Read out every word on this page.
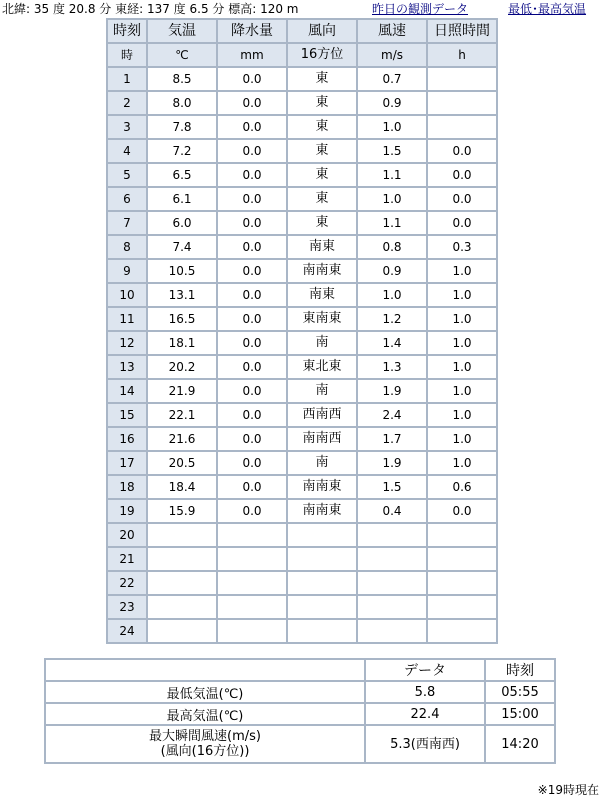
北緯: 35 度 20.8 分 東経: 137 度 6.5 分 標高: 120 m	昨日の観測データ	最低･最高気温
時刻	気温	降水量	風向	風速	日照時間
時	℃	mm	16方位	m/s	h
1	8.5	0.0	東	0.7	
2	8.0	0.0	東	0.9	
3	7.8	0.0	東	1.0	
4	7.2	0.0	東	1.5	0.0
5	6.5	0.0	東	1.1	0.0
6	6.1	0.0	東	1.0	0.0
7	6.0	0.0	東	1.1	0.0
8	7.4	0.0	南東	0.8	0.3
9	10.5	0.0	南南東	0.9	1.0
10	13.1	0.0	南東	1.0	1.0
11	16.5	0.0	東南東	1.2	1.0
12	18.1	0.0	南	1.4	1.0
13	20.2	0.0	東北東	1.3	1.0
14	21.9	0.0	南	1.9	1.0
15	22.1	0.0	西南西	2.4	1.0
16	21.6	0.0	南南西	1.7	1.0
17	20.5	0.0	南	1.9	1.0
18	18.4	0.0	南南東	1.5	0.6
19	15.9	0.0	南南東	0.4	0.0
20					
21					
22					
23					
24					
	データ	時刻
最低気温(℃)	5.8	05:55
最高気温(℃)	22.4	15:00

最大瞬間風速(m/s)
(風向(16方位))	5.3(西南西)	14:20
※19時現在
